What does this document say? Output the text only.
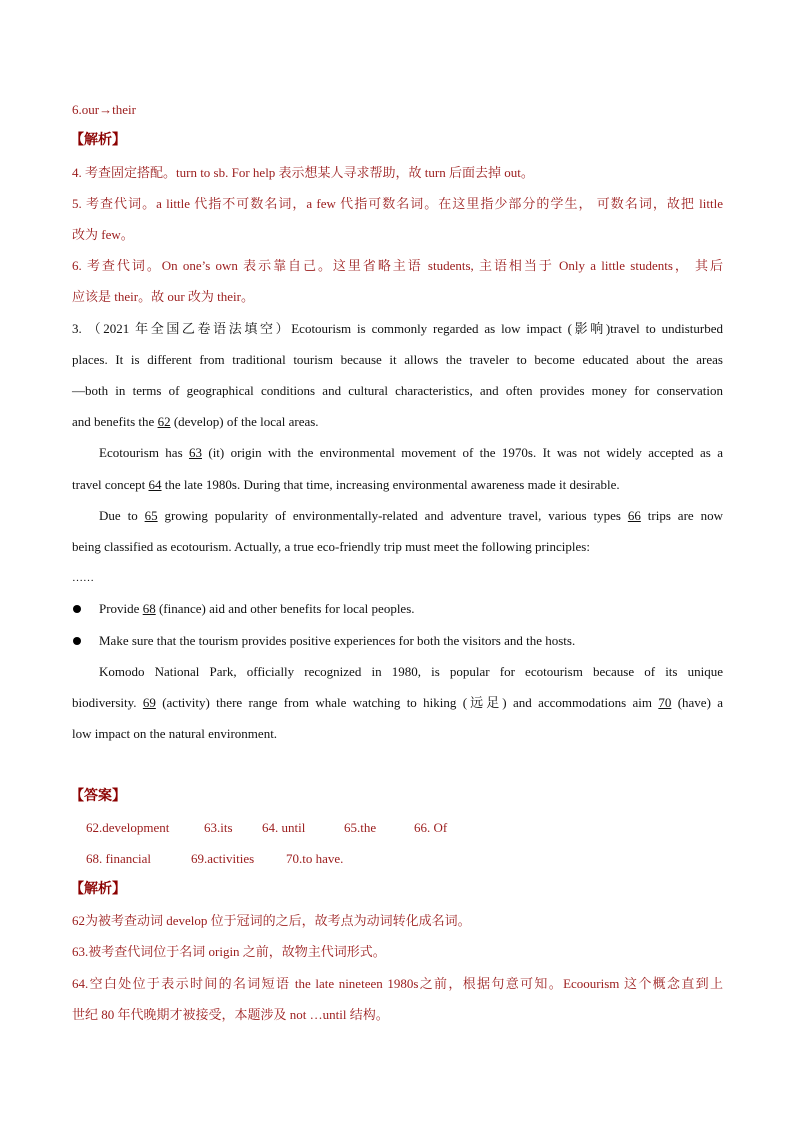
6.our→their
【解析】
4. 考查固定搭配。turn to sb. For help 表示想某人寻求帮助，故 turn 后面去掉 out。
5. 考查代词。a little 代指不可数名词，a few 代指可数名词。在这里指少部分的学生， 可数名词，故把 little
改为 few。
6. 考查代词。On one’s own 表示靠自己。这里省略主语 students, 主语相当于 Only a little students， 其后
应该是 their。故 our 改为 their。
3. （2021 年全国乙卷语法填空）Ecotourism is commonly regarded as low impact (影响)travel to undisturbed
places. It is different from traditional tourism because it allows the traveler to become educated about the areas
—both in terms of geographical conditions and cultural characteristics, and often provides money for conservation
and benefits the 62 (develop) of the local areas.
Ecotourism has 63 (it) origin with the environmental movement of the 1970s. It was not widely accepted as a
travel concept 64 the late 1980s. During that time, increasing environmental awareness made it desirable.
Due to 65 growing popularity of environmentally-related and adventure travel, various types 66 trips are now
being classified as ecotourism. Actually, a true eco-friendly trip must meet the following principles:
……
Provide 68 (finance) aid and other benefits for local peoples.
Make sure that the tourism provides positive experiences for both the visitors and the hosts.
Komodo National Park, officially recognized in 1980, is popular for ecotourism because of its unique
biodiversity. 69 (activity) there range from whale watching to hiking (远足) and accommodations aim 70 (have) a
low impact on the natural environment.
【答案】
62.development	63.its 64. until	65.the	66. Of
68. financial	69.activities 70.to have.
【解析】
62为被考查动词 develop 位于冠词的之后，故考点为动词转化成名词。
63.被考查代词位于名词 origin 之前，故物主代词形式。
64.空白处位于表示时间的名词短语 the late nineteen 1980s之前，根据句意可知。Ecoourism 这个概念直到上
世纪 80 年代晚期才被接受，本题涉及 not …until 结构。
